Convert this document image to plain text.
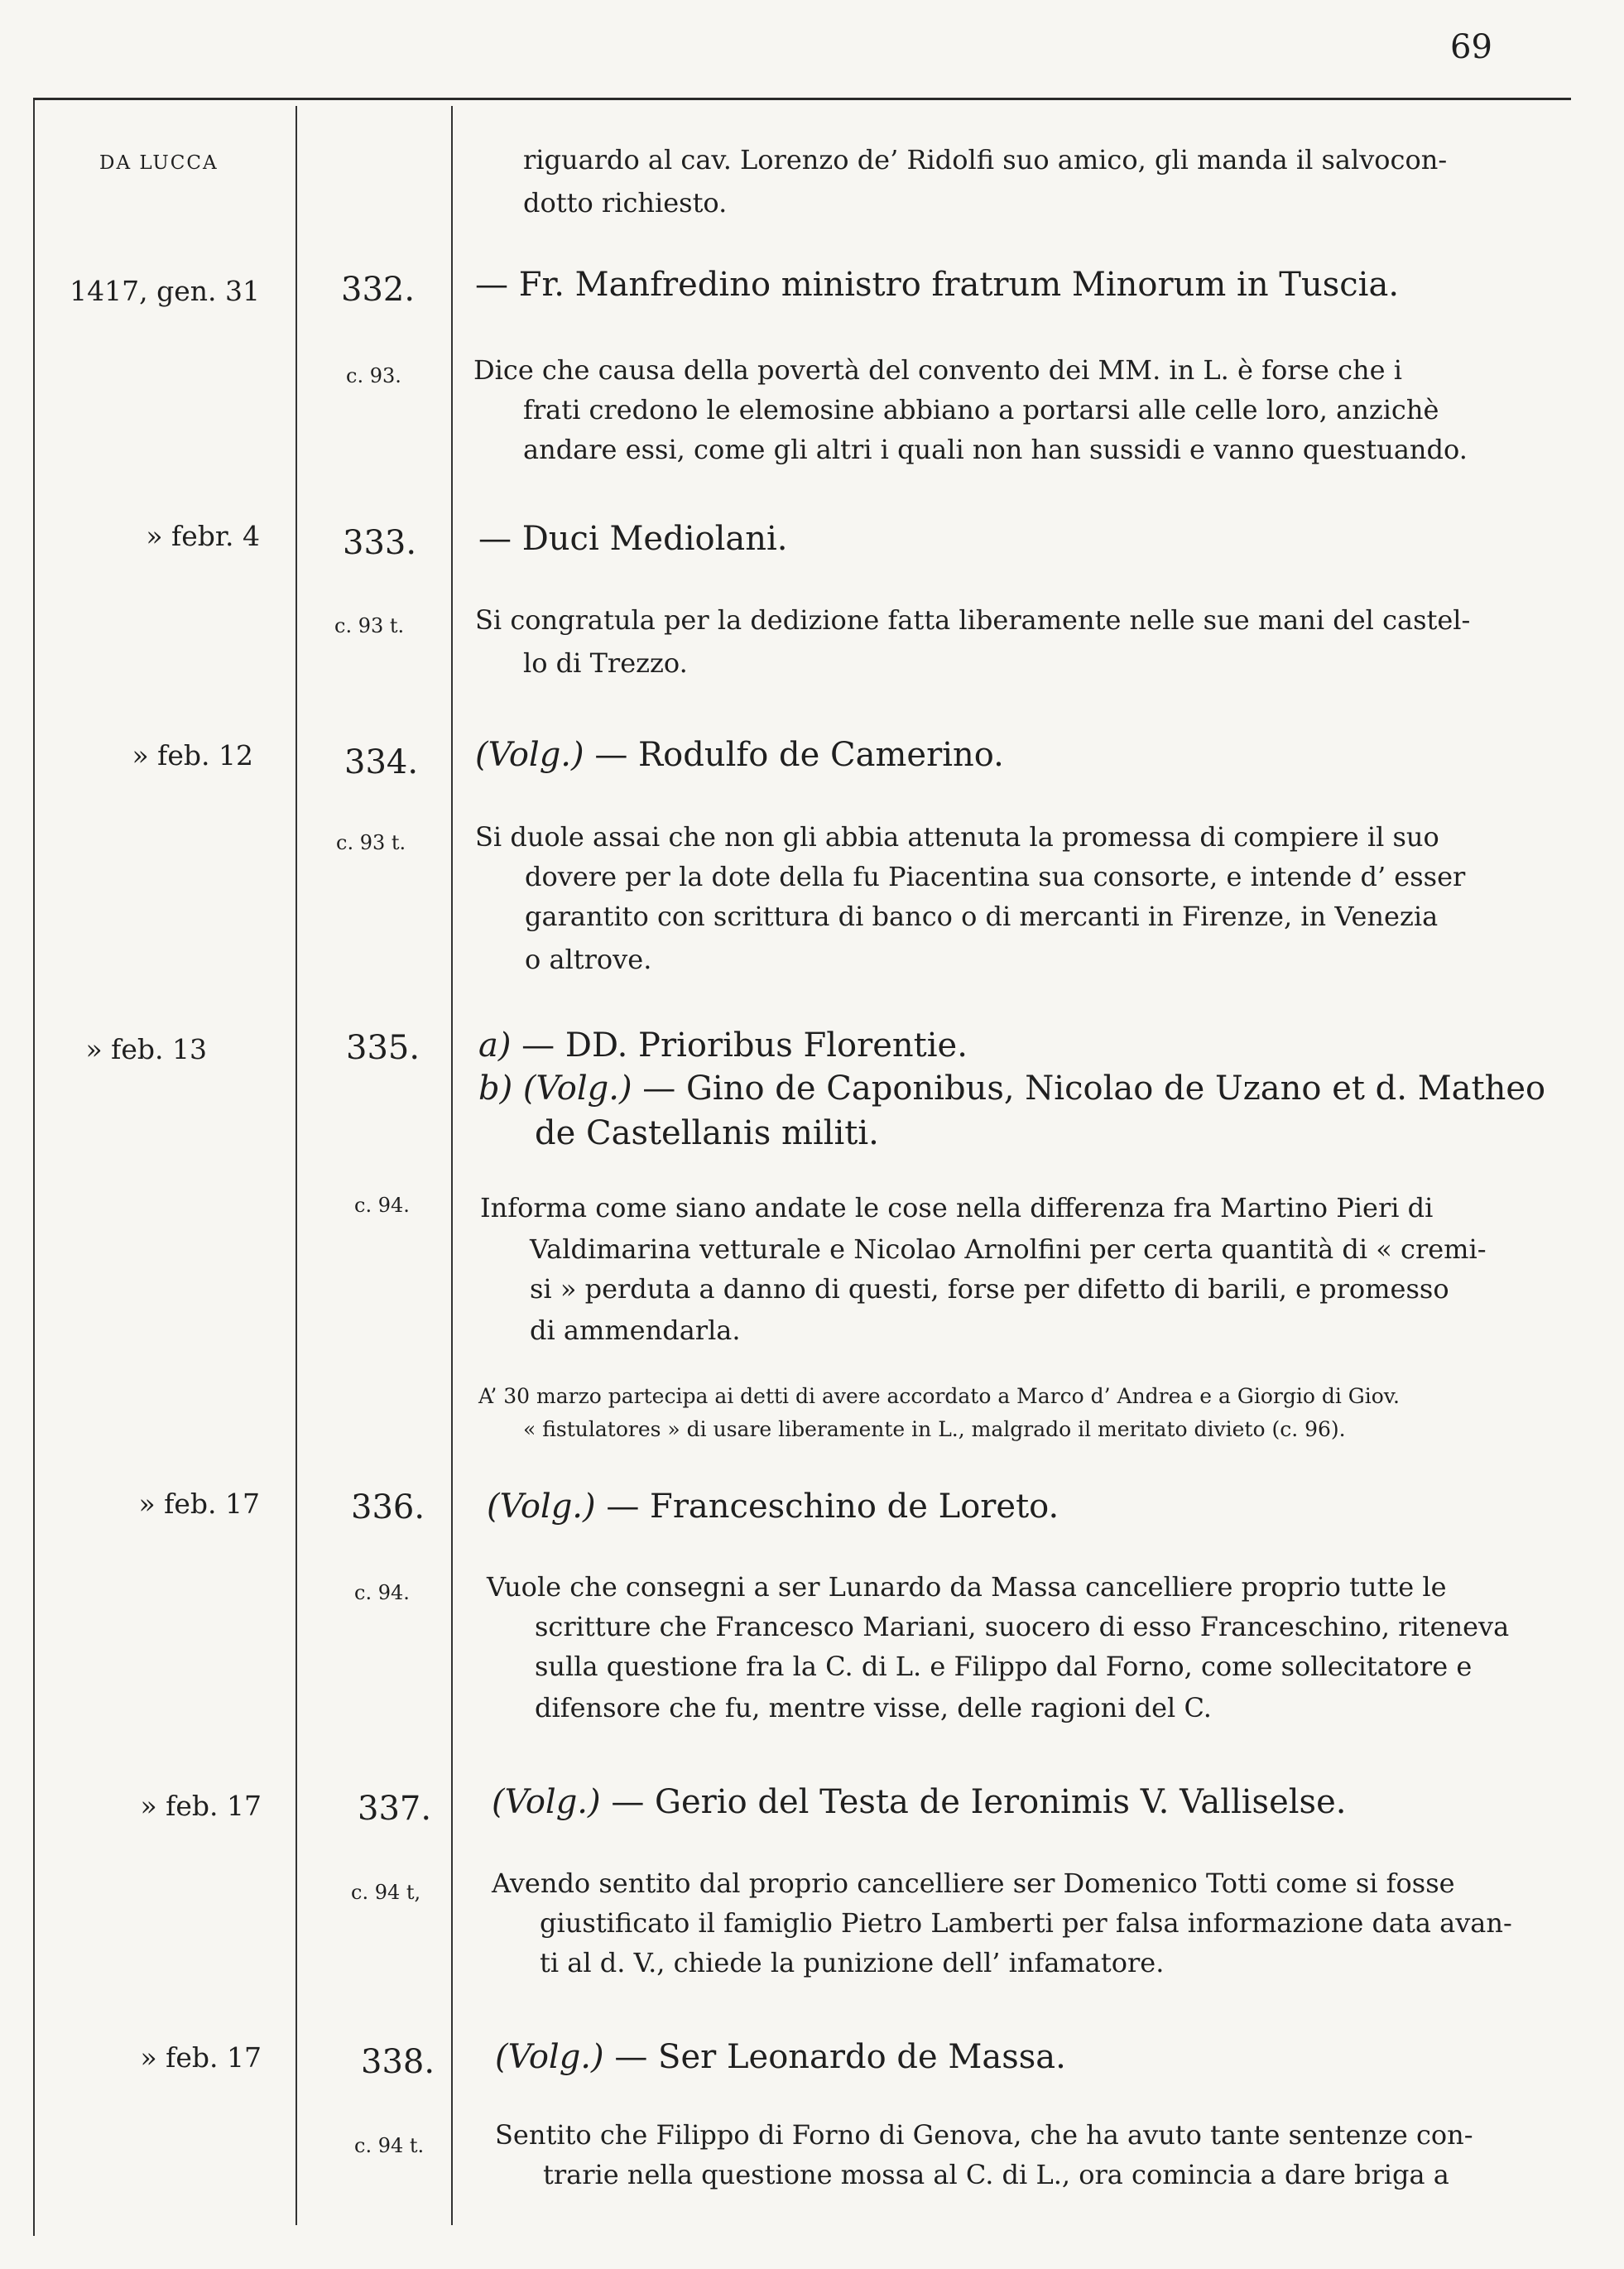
69
DA LUCCA	riguardo al cav. Lorenzo de’ Ridolfi suo amico, gli manda il salvocon-
dotto richiesto.
1417, gen. 31 332. — Fr. Manfredino ministro fratrum Minorum in Tuscia.
c. 93.	Dice che causa della povertà del convento dei MM. in L. è forse che i
frati credono le elemosine abbiano a portarsi alle celle loro, anzichè
andare essi, come gli altri i quali non han sussidi e vanno questuando.
» febr. 4	333. — Duci Mediolani.
c. 93 t.	Si congratula per la dedizione fatta liberamente nelle sue mani del castel-
lo di Trezzo.
» feb. 12	334. (Volg.) — Rodulfo de Camerino.
c. 93 t.	Si duole assai che non gli abbia attenuta la promessa di compiere il suo
dovere per la dote della fu Piacentina sua consorte, e intende d’ esser
garantito con scrittura di banco o di mercanti in Firenze, in Venezia
o altrove.
» feb. 13	335. a) — DD. Prioribus Florentie.
b) (Volg.) — Gino de Caponibus, Nicolao de Uzano et d. Matheo
de Castellanis militi.
c. 94.	Informa come siano andate le cose nella differenza fra Martino Pieri di
Valdimarina vetturale e Nicolao Arnolfini per certa quantità di « cremi-
si » perduta a danno di questi, forse per difetto di barili, e promesso
di ammendarla.
A’ 30 marzo partecipa ai detti di avere accordato a Marco d’ Andrea e a Giorgio di Giov.
« fistulatores » di usare liberamente in L., malgrado il meritato divieto (c. 96).
» feb. 17	336. (Volg.) — Franceschino de Loreto.
c. 94.	Vuole che consegni a ser Lunardo da Massa cancelliere proprio tutte le
scritture che Francesco Mariani, suocero di esso Franceschino, riteneva
sulla questione fra la C. di L. e Filippo dal Forno, come sollecitatore e
difensore che fu, mentre visse, delle ragioni del C.
» feb. 17	337. (Volg.) — Gerio del Testa de Ieronimis V. Valliselse.
c. 94 t,	Avendo sentito dal proprio cancelliere ser Domenico Totti come si fosse
giustificato il famiglio Pietro Lamberti per falsa informazione data avan-
ti al d. V., chiede la punizione dell’ infamatore.
» feb. 17	338. (Volg.) — Ser Leonardo de Massa.
c. 94 t.	Sentito che Filippo di Forno di Genova, che ha avuto tante sentenze con-
trarie nella questione mossa al C. di L., ora comincia a dare briga a
